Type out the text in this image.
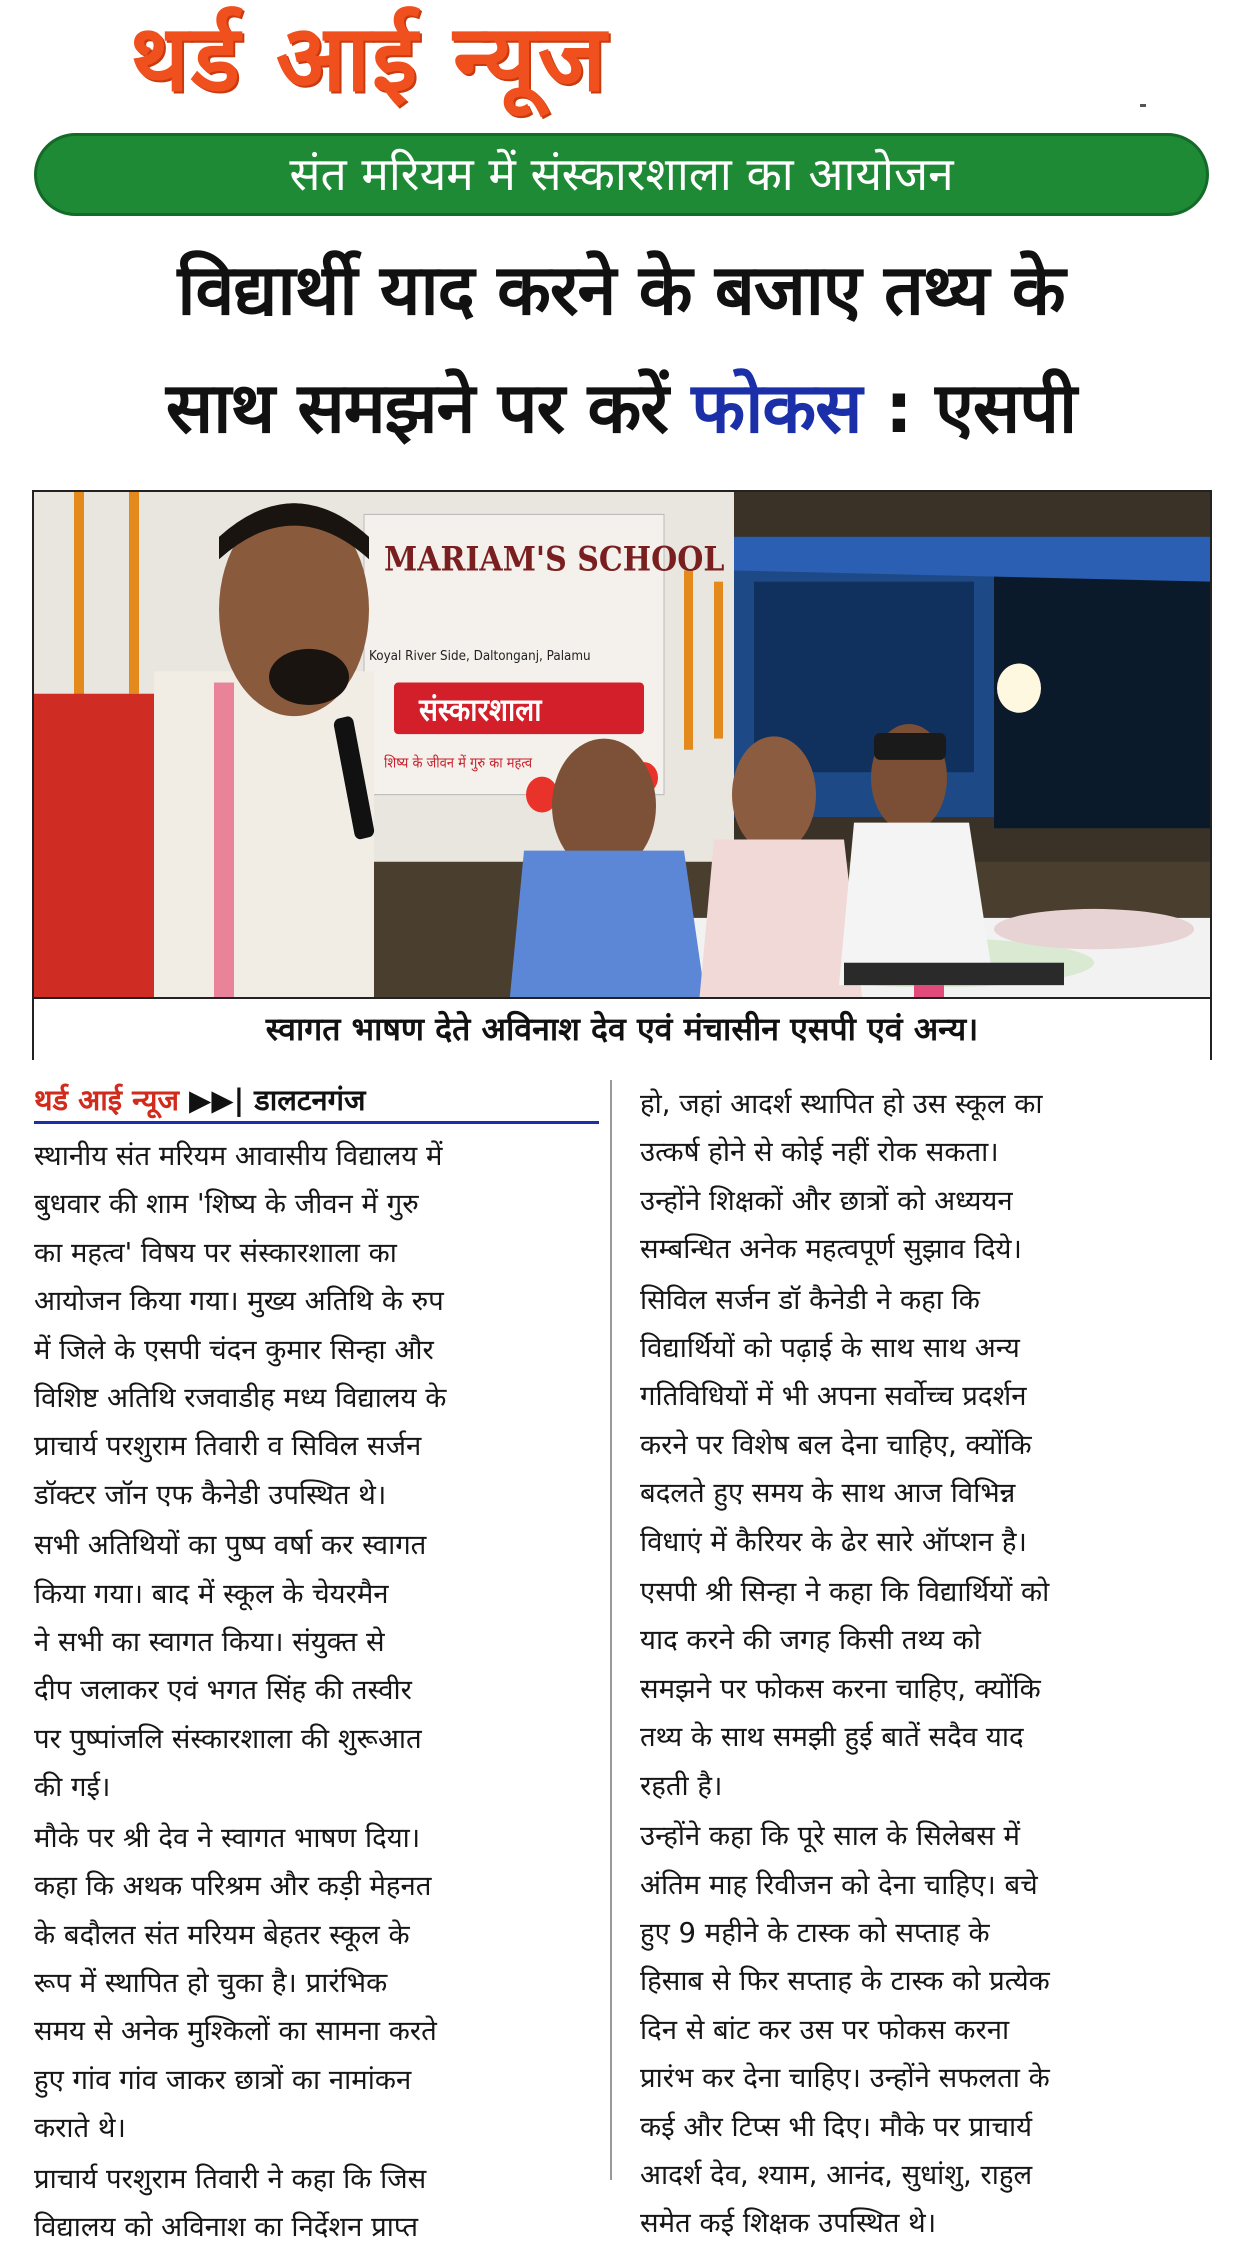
थर्ड आई न्यूज
संत मरियम में संस्कारशाला का आयोजन
विद्यार्थी याद करने के बजाए तथ्य के
साथ समझने पर करें फोकस : एसपी
MARIAM'S SCHOOL
Koyal River Side, Daltonganj, Palamu
संस्कारशाला
शिष्य के जीवन में गुरु का महत्व
स्वागत भाषण देते अविनाश देव एवं मंचासीन एसपी एवं अन्य।
थर्ड आई न्यूज ▶▶| डालटनगंज
स्थानीय संत मरियम आवासीय विद्यालय में
बुधवार की शाम 'शिष्य के जीवन में गुरु
का महत्व' विषय पर संस्कारशाला का
आयोजन किया गया। मुख्य अतिथि के रुप
में जिले के एसपी चंदन कुमार सिन्हा और
विशिष्ट अतिथि रजवाडीह मध्य विद्यालय के
प्राचार्य परशुराम तिवारी व सिविल सर्जन
डॉक्टर जॉन एफ कैनेडी उपस्थित थे।
सभी अतिथियों का पुष्प वर्षा कर स्वागत
किया गया। बाद में स्कूल के चेयरमैन
ने सभी का स्वागत किया। संयुक्त से
दीप जलाकर एवं भगत सिंह की तस्वीर
पर पुष्पांजलि संस्कारशाला की शुरूआत
की गई।
मौके पर श्री देव ने स्वागत भाषण दिया।
कहा कि अथक परिश्रम और कड़ी मेहनत
के बदौलत संत मरियम बेहतर स्कूल के
रूप में स्थापित हो चुका है। प्रारंभिक
समय से अनेक मुश्किलों का सामना करते
हुए गांव गांव जाकर छात्रों का नामांकन
कराते थे।
प्राचार्य परशुराम तिवारी ने कहा कि जिस
विद्यालय को अविनाश का निर्देशन प्राप्त
हो, जहां आदर्श स्थापित हो उस स्कूल का
उत्कर्ष होने से कोई नहीं रोक सकता।
उन्होंने शिक्षकों और छात्रों को अध्ययन
सम्बन्धित अनेक महत्वपूर्ण सुझाव दिये।
सिविल सर्जन डॉ कैनेडी ने कहा कि
विद्यार्थियों को पढ़ाई के साथ साथ अन्य
गतिविधियों में भी अपना सर्वोच्च प्रदर्शन
करने पर विशेष बल देना चाहिए, क्योंकि
बदलते हुए समय के साथ आज विभिन्न
विधाएं में कैरियर के ढेर सारे ऑप्शन है।
एसपी श्री सिन्हा ने कहा कि विद्यार्थियों को
याद करने की जगह किसी तथ्य को
समझने पर फोकस करना चाहिए, क्योंकि
तथ्य के साथ समझी हुई बातें सदैव याद
रहती है।
उन्होंने कहा कि पूरे साल के सिलेबस में
अंतिम माह रिवीजन को देना चाहिए। बचे
हुए 9 महीने के टास्क को सप्ताह के
हिसाब से फिर सप्ताह के टास्क को प्रत्येक
दिन से बांट कर उस पर फोकस करना
प्रारंभ कर देना चाहिए। उन्होंने सफलता के
कई और टिप्स भी दिए। मौके पर प्राचार्य
आदर्श देव, श्याम, आनंद, सुधांशु, राहुल
समेत कई शिक्षक उपस्थित थे।
